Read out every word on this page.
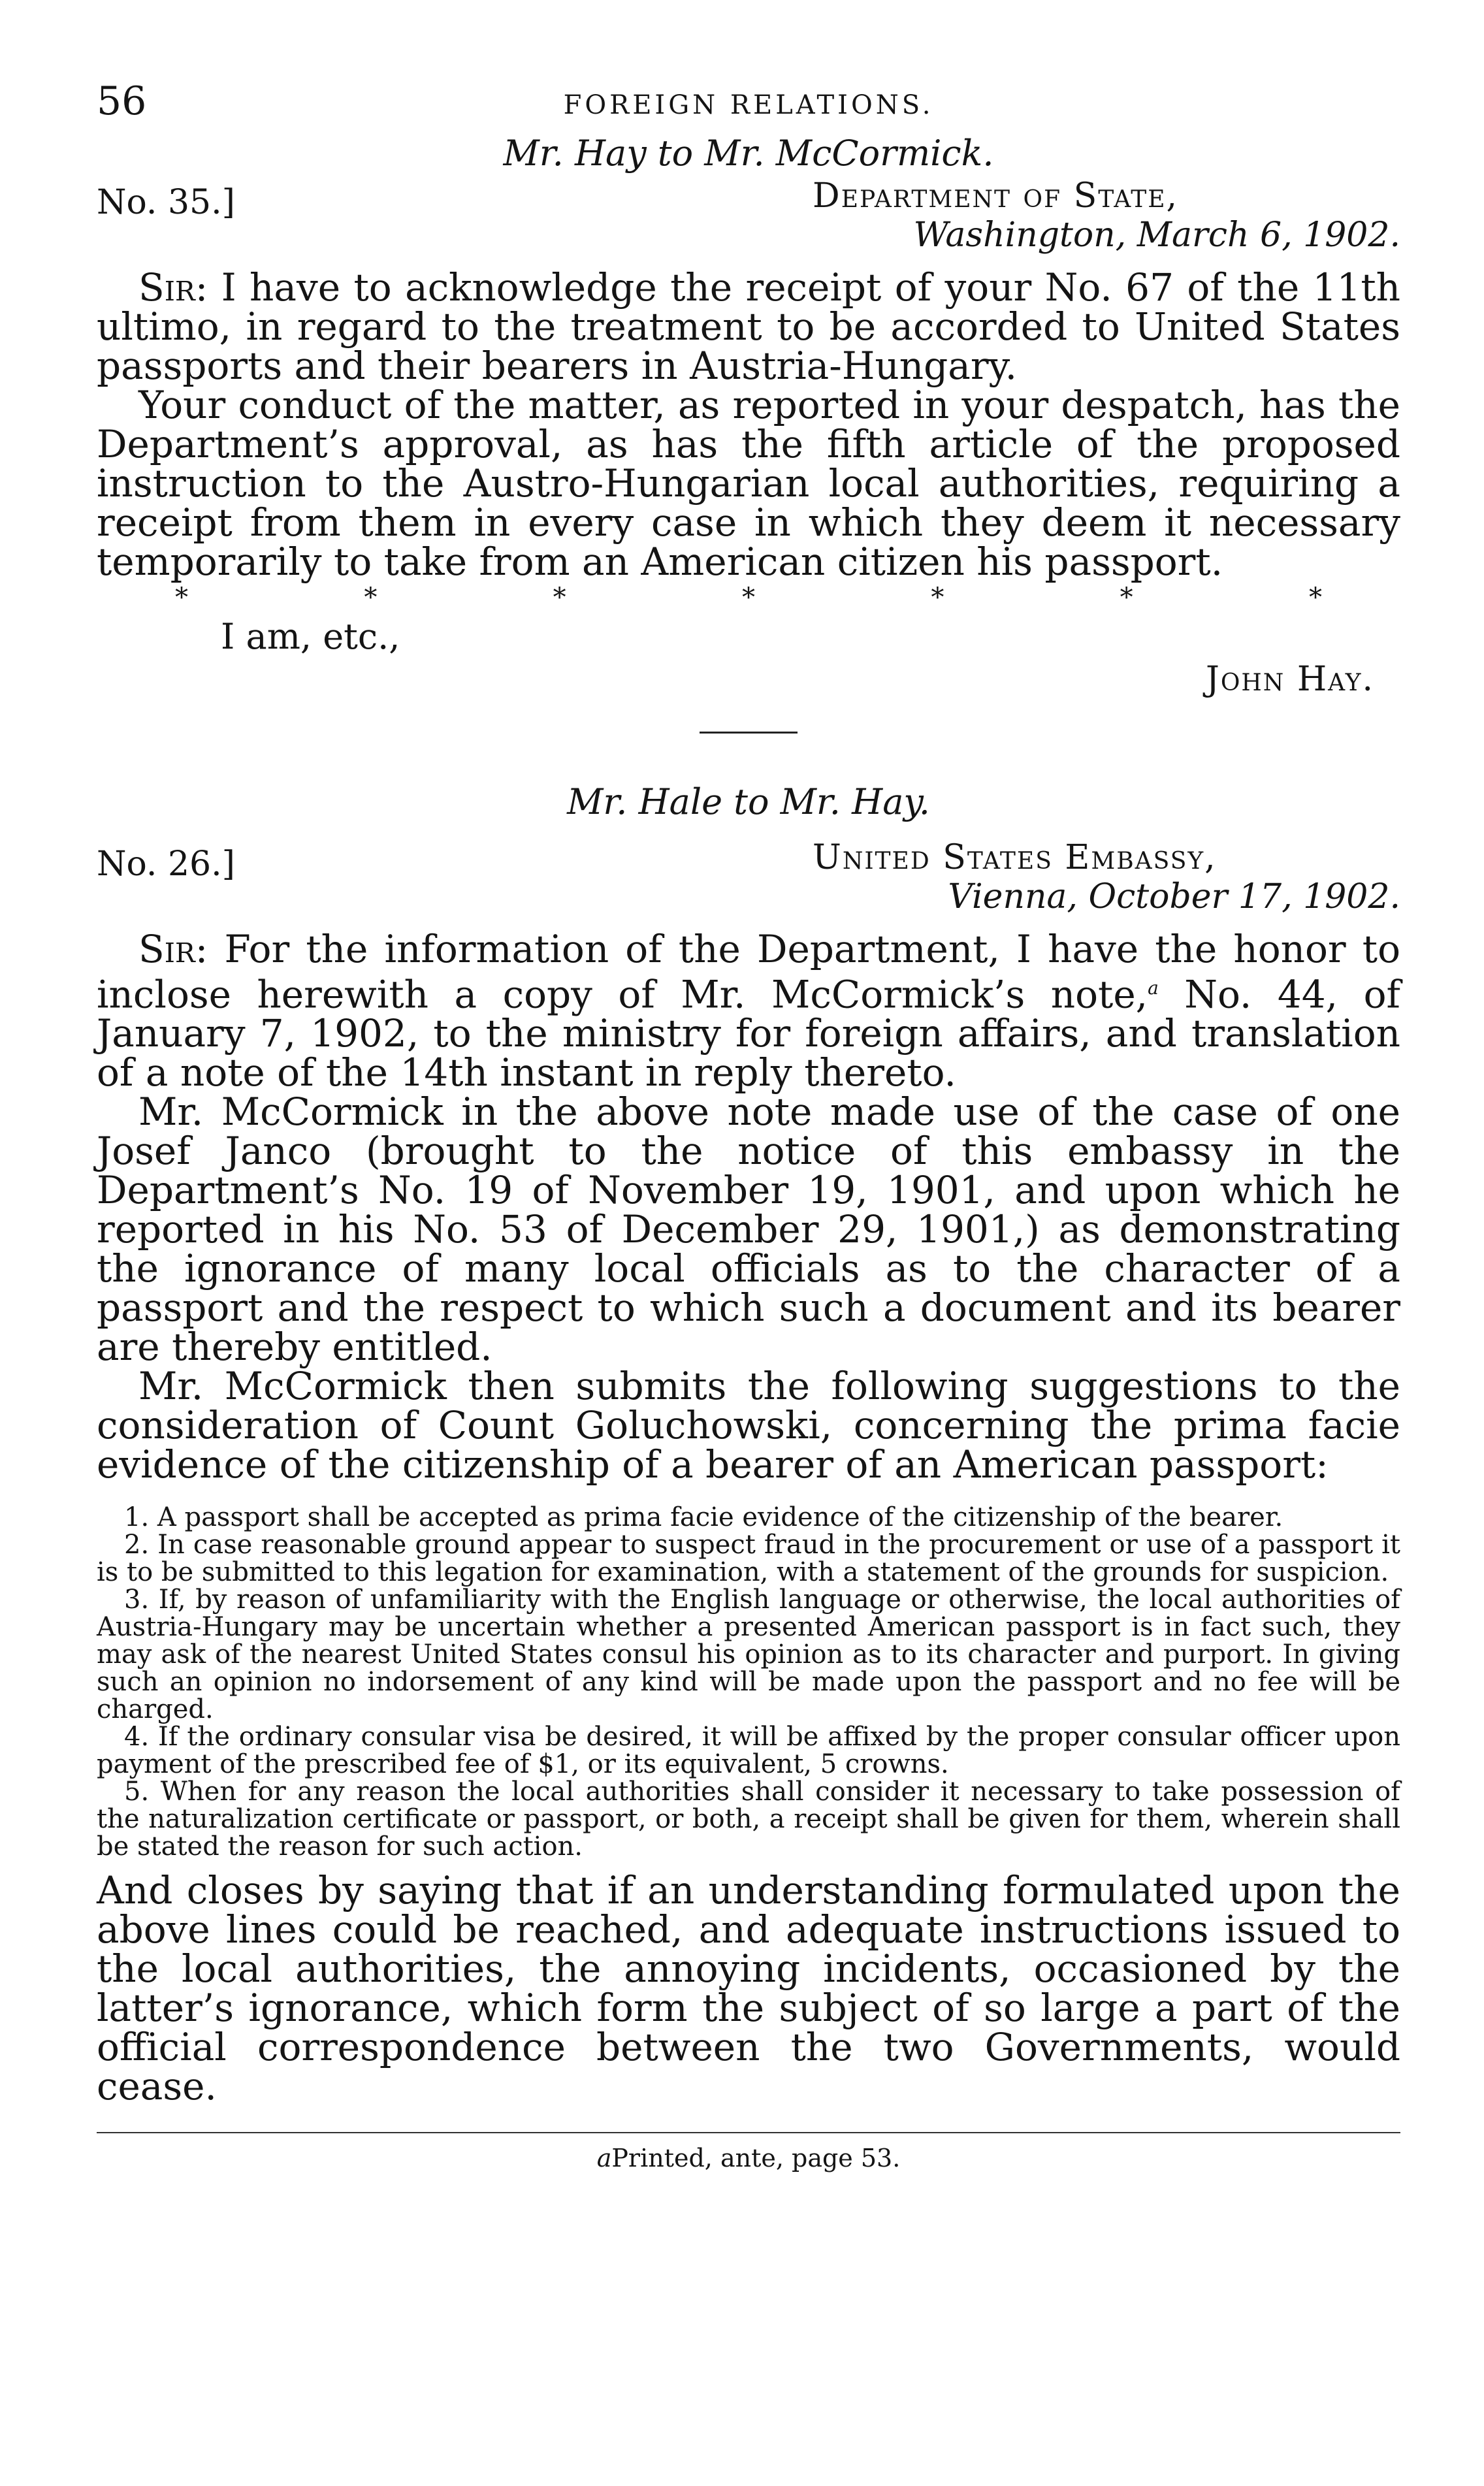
56	FOREIGN RELATIONS.
Mr. Hay to Mr. McCormick.
No. 35.]	Department of State,
Washington, March 6, 1902.

Sir: I have to acknowledge the receipt of your No. 67 of the 11th ultimo, in regard to the treatment to be accorded to United States passports and their bearers in Austria-Hungary.

Your conduct of the matter, as reported in your despatch, has the Department’s approval, as has the fifth article of the proposed instruction to the Austro-Hungarian local authorities, requiring a receipt from them in every case in which they deem it necessary temporarily to take from an American citizen his passport.

*	*	*	*	*	*	*
I am, etc.,
John Hay.
Mr. Hale to Mr. Hay.
No. 26.]	United States Embassy,
Vienna, October 17, 1902.

Sir: For the information of the Department, I have the honor to inclose herewith a copy of Mr. McCormick’s note,$^a$ No. 44, of January 7, 1902, to the ministry for foreign affairs, and translation of a note of the 14th instant in reply thereto.

Mr. McCormick in the above note made use of the case of one Josef Janco (brought to the notice of this embassy in the Department’s No. 19 of November 19, 1901, and upon which he reported in his No. 53 of December 29, 1901,) as demonstrating the ignorance of many local officials as to the character of a passport and the respect to which such a document and its bearer are thereby entitled.

Mr. McCormick then submits the following suggestions to the consideration of Count Goluchowski, concerning the prima facie evidence of the citizenship of a bearer of an American passport:

1. A passport shall be accepted as prima facie evidence of the citizenship of the bearer.

2. In case reasonable ground appear to suspect fraud in the procurement or use of a passport it is to be submitted to this legation for examination, with a statement of the grounds for suspicion.

3. If, by reason of unfamiliarity with the English language or otherwise, the local authorities of Austria-Hungary may be uncertain whether a presented American passport is in fact such, they may ask of the nearest United States consul his opinion as to its character and purport. In giving such an opinion no indorsement of any kind will be made upon the passport and no fee will be charged.

4. If the ordinary consular visa be desired, it will be affixed by the proper consular officer upon payment of the prescribed fee of $1, or its equivalent, 5 crowns.

5. When for any reason the local authorities shall consider it necessary to take possession of the naturalization certificate or passport, or both, a receipt shall be given for them, wherein shall be stated the reason for such action.

And closes by saying that if an understanding formulated upon the above lines could be reached, and adequate instructions issued to the local authorities, the annoying incidents, occasioned by the latter’s ignorance, which form the subject of so large a part of the official correspondence between the two Governments, would cease.

aPrinted, ante, page 53.
